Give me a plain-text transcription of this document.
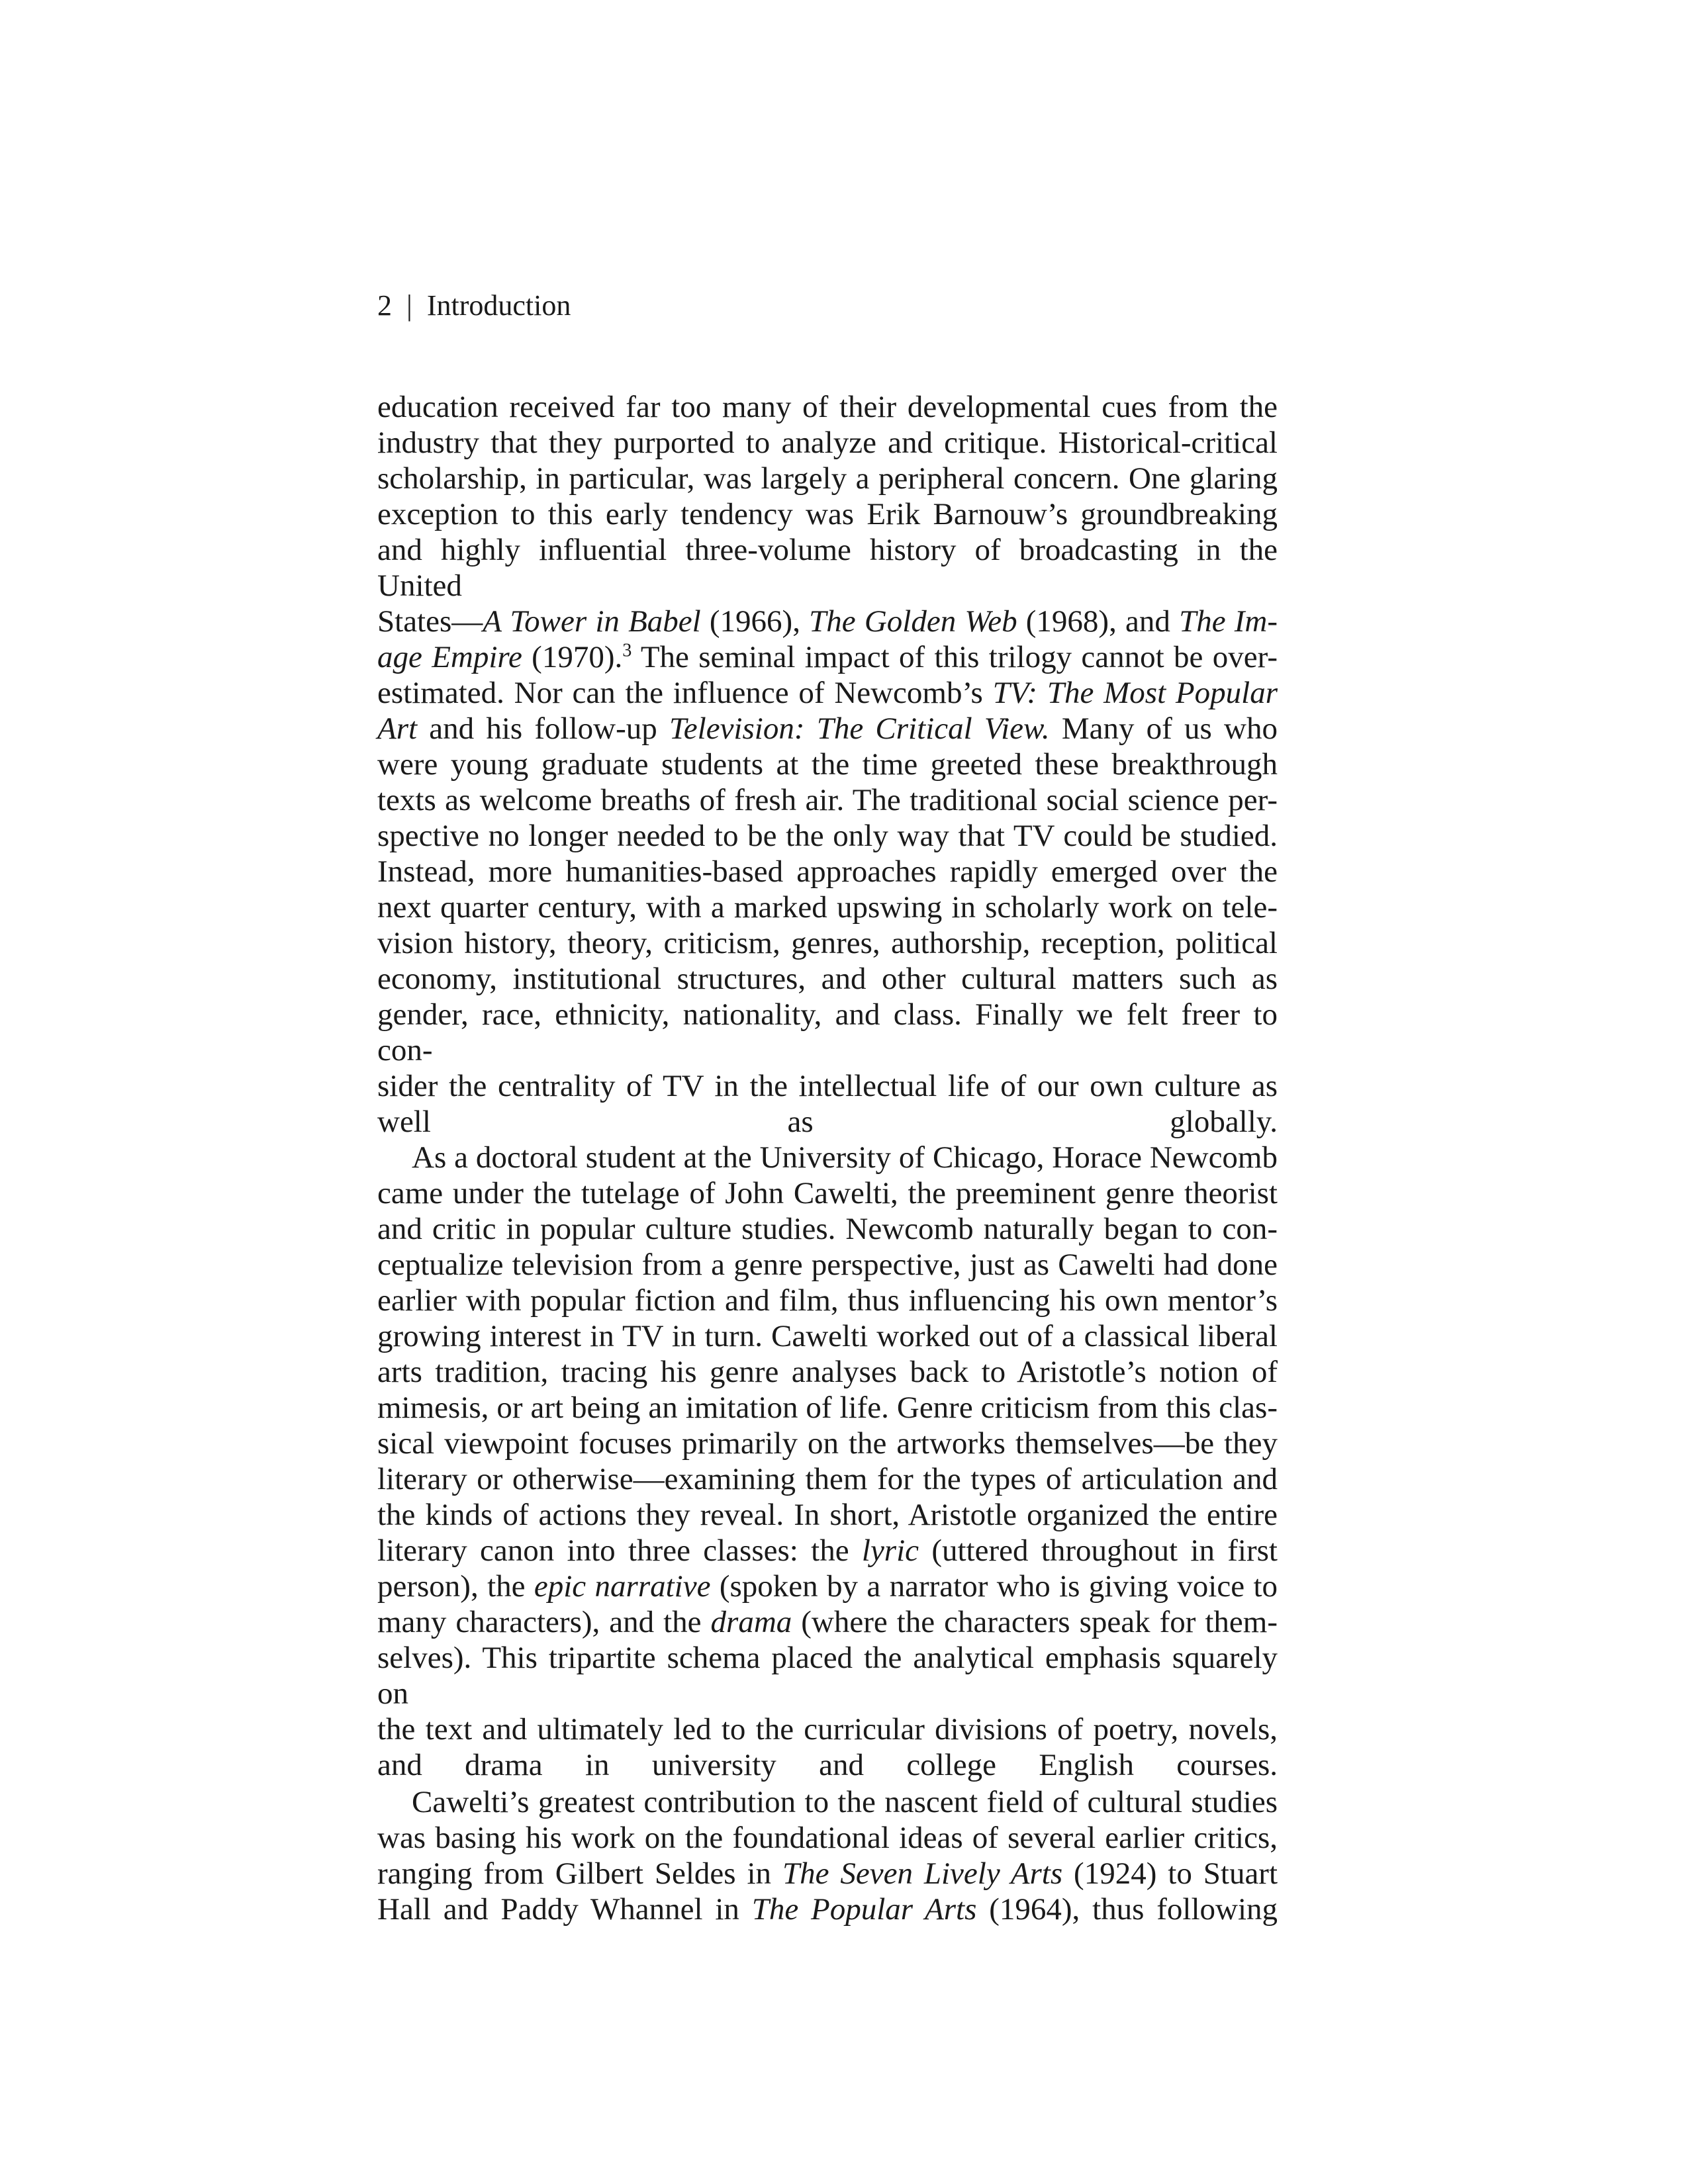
2 | Introduction

education received far too many of their developmental cues from the
industry that they purported to analyze and critique. Historical-critical
scholarship, in particular, was largely a peripheral concern. One glaring
exception to this early tendency was Erik Barnouw’s groundbreaking
and highly influential three-volume history of broadcasting in the United
States—A Tower in Babel (1966), The Golden Web (1968), and The Im-
age Empire (1970).$^3$ The seminal impact of this trilogy cannot be over-
estimated. Nor can the influence of Newcomb’s TV: The Most Popular
Art and his follow-up Television: The Critical View. Many of us who
were young graduate students at the time greeted these breakthrough
texts as welcome breaths of fresh air. The traditional social science per-
spective no longer needed to be the only way that TV could be studied.
Instead, more humanities-based approaches rapidly emerged over the
next quarter century, with a marked upswing in scholarly work on tele-
vision history, theory, criticism, genres, authorship, reception, political
economy, institutional structures, and other cultural matters such as
gender, race, ethnicity, nationality, and class. Finally we felt freer to con-
sider the centrality of TV in the intellectual life of our own culture as
well as globally.

As a doctoral student at the University of Chicago, Horace Newcomb
came under the tutelage of John Cawelti, the preeminent genre theorist
and critic in popular culture studies. Newcomb naturally began to con-
ceptualize television from a genre perspective, just as Cawelti had done
earlier with popular fiction and film, thus influencing his own mentor’s
growing interest in TV in turn. Cawelti worked out of a classical liberal
arts tradition, tracing his genre analyses back to Aristotle’s notion of
mimesis, or art being an imitation of life. Genre criticism from this clas-
sical viewpoint focuses primarily on the artworks themselves—be they
literary or otherwise—examining them for the types of articulation and
the kinds of actions they reveal. In short, Aristotle organized the entire
literary canon into three classes: the lyric (uttered throughout in first
person), the epic narrative (spoken by a narrator who is giving voice to
many characters), and the drama (where the characters speak for them-
selves). This tripartite schema placed the analytical emphasis squarely on
the text and ultimately led to the curricular divisions of poetry, novels,
and drama in university and college English courses.

Cawelti’s greatest contribution to the nascent field of cultural studies
was basing his work on the foundational ideas of several earlier critics,
ranging from Gilbert Seldes in The Seven Lively Arts (1924) to Stuart
Hall and Paddy Whannel in The Popular Arts (1964), thus following
